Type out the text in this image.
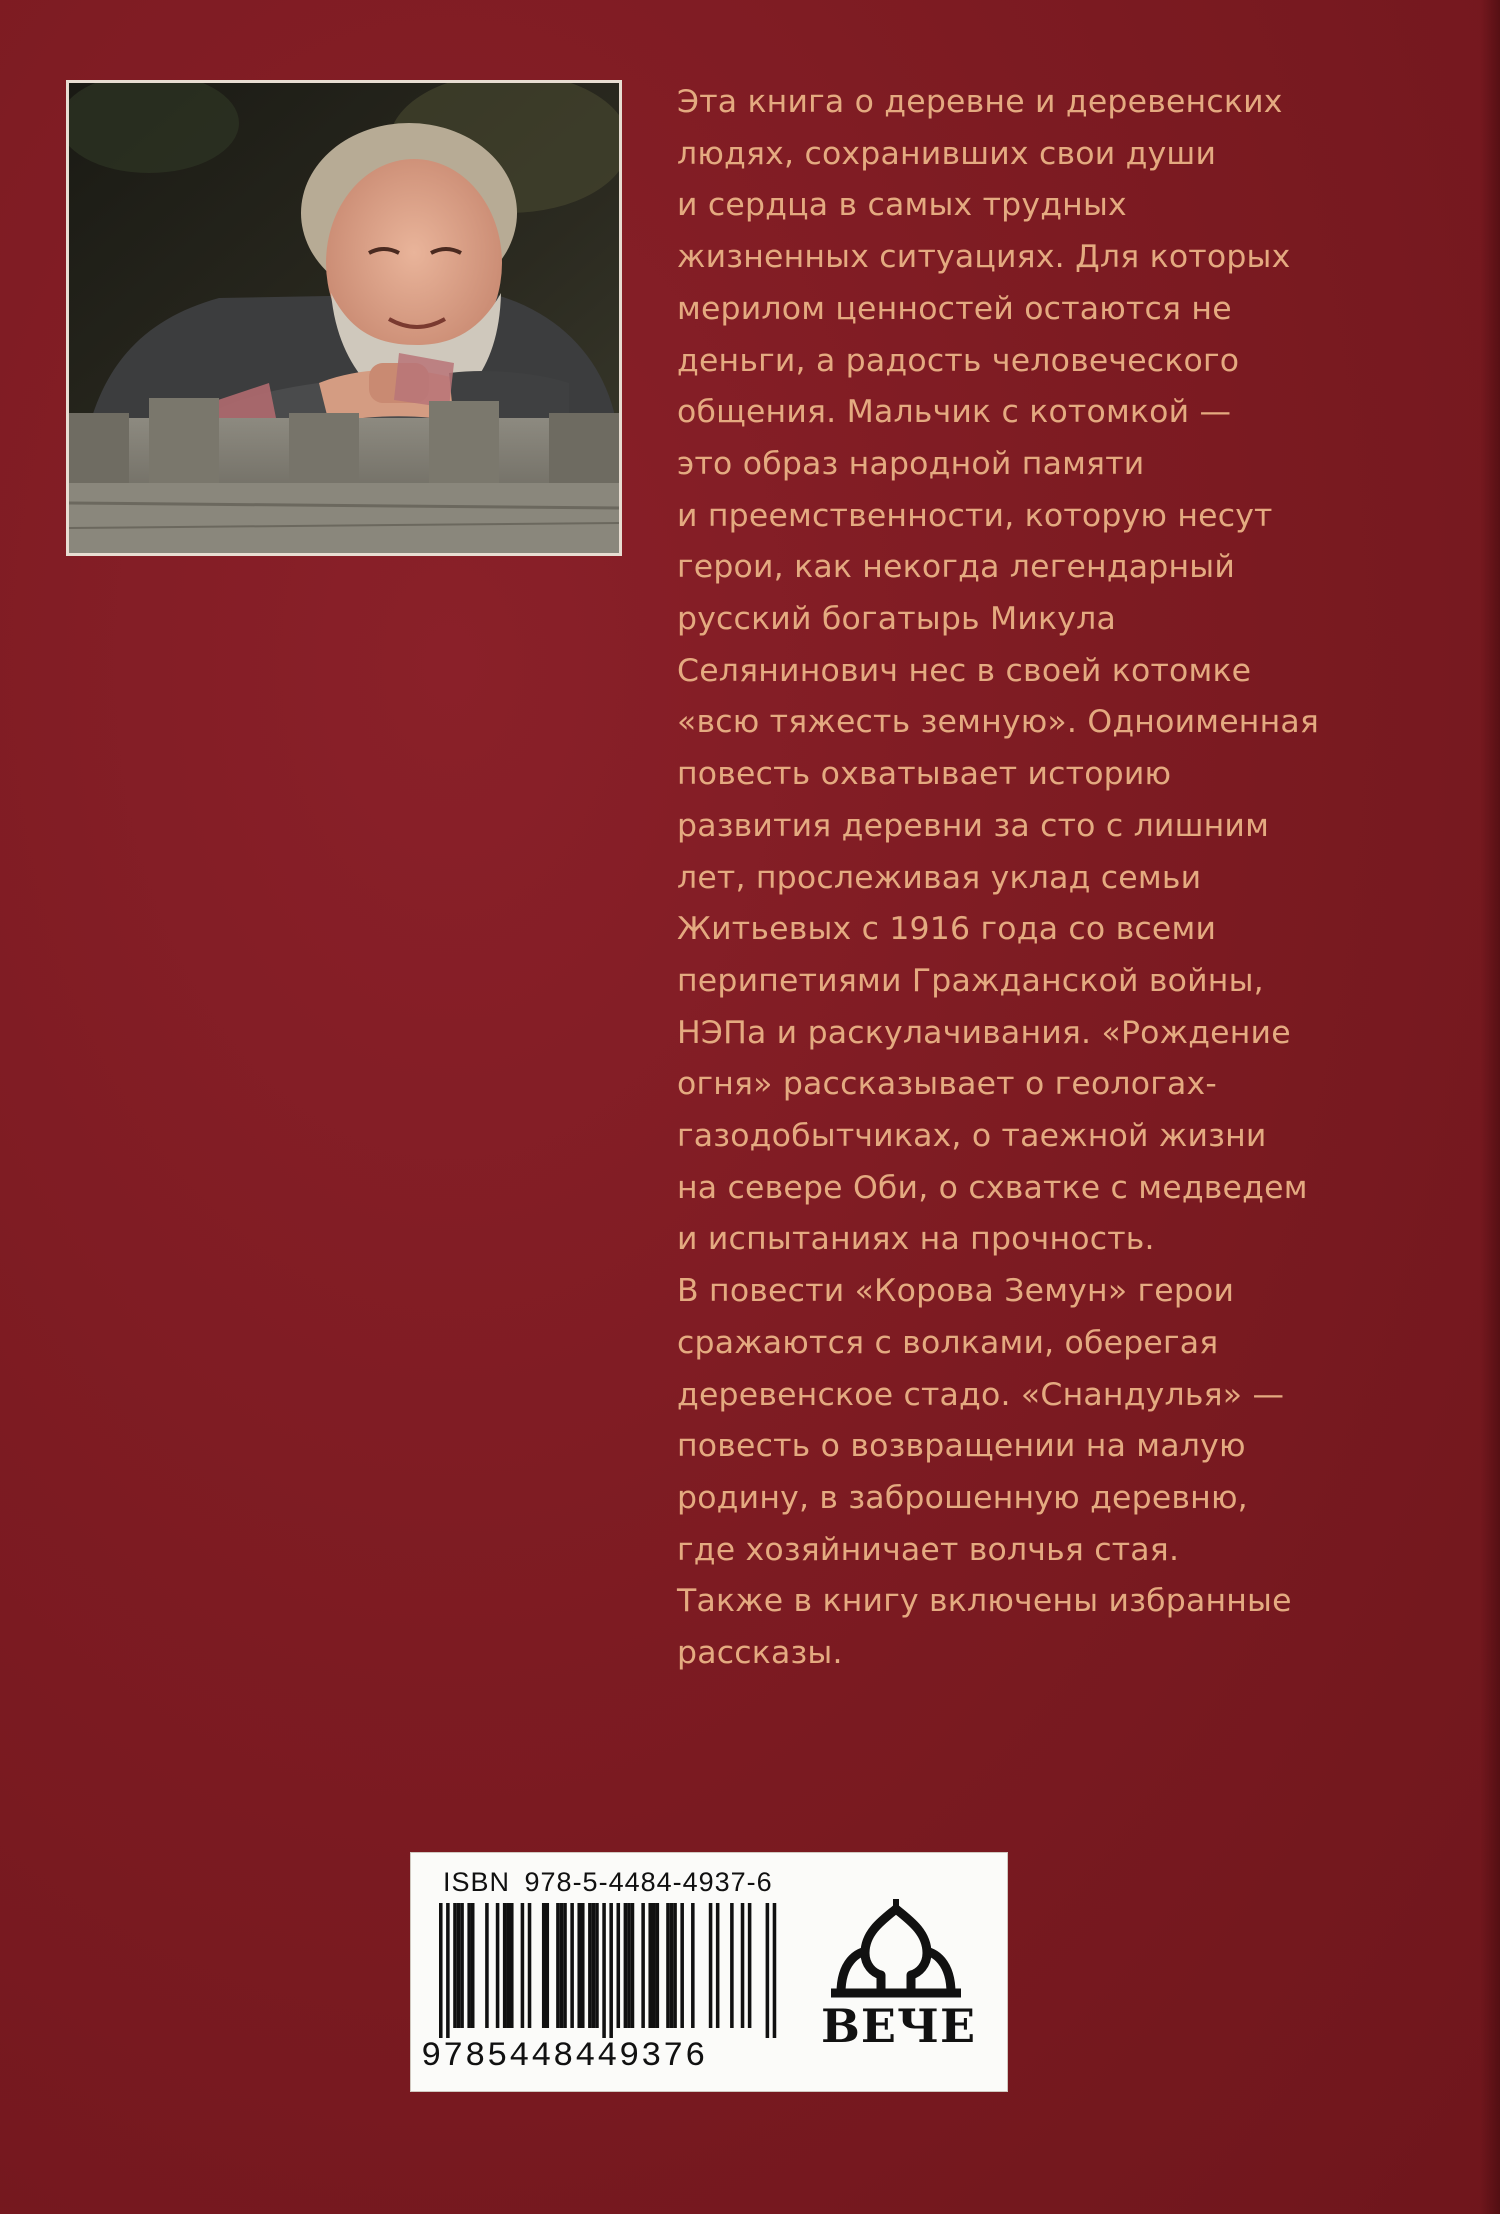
Эта книга о деревне и деревенских
людях, сохранивших свои души
и сердца в самых трудных
жизненных ситуациях. Для которых
мерилом ценностей остаются не
деньги, а радость человеческого
общения. Мальчик с котомкой —
это образ народной памяти
и преемственности, которую несут
герои, как некогда легендарный
русский богатырь Микула
Селянинович нес в своей котомке
«всю тяжесть земную». Одноименная
повесть охватывает историю
развития деревни за сто с лишним
лет, прослеживая уклад семьи
Житьевых с 1916 года со всеми
перипетиями Гражданской войны,
НЭПа и раскулачивания. «Рождение
огня» рассказывает о геологах-
газодобытчиках, о таежной жизни
на севере Оби, о схватке с медведем
и испытаниях на прочность.
В повести «Корова Земун» герои
сражаются с волками, оберегая
деревенское стадо. «Снандулья» —
повесть о возвращении на малую
родину, в заброшенную деревню,
где хозяйничает волчья стая.
Также в книгу включены избранные
рассказы.
ISBN 978-5-4484-4937-6
9785448449376
ВЕЧЕ
